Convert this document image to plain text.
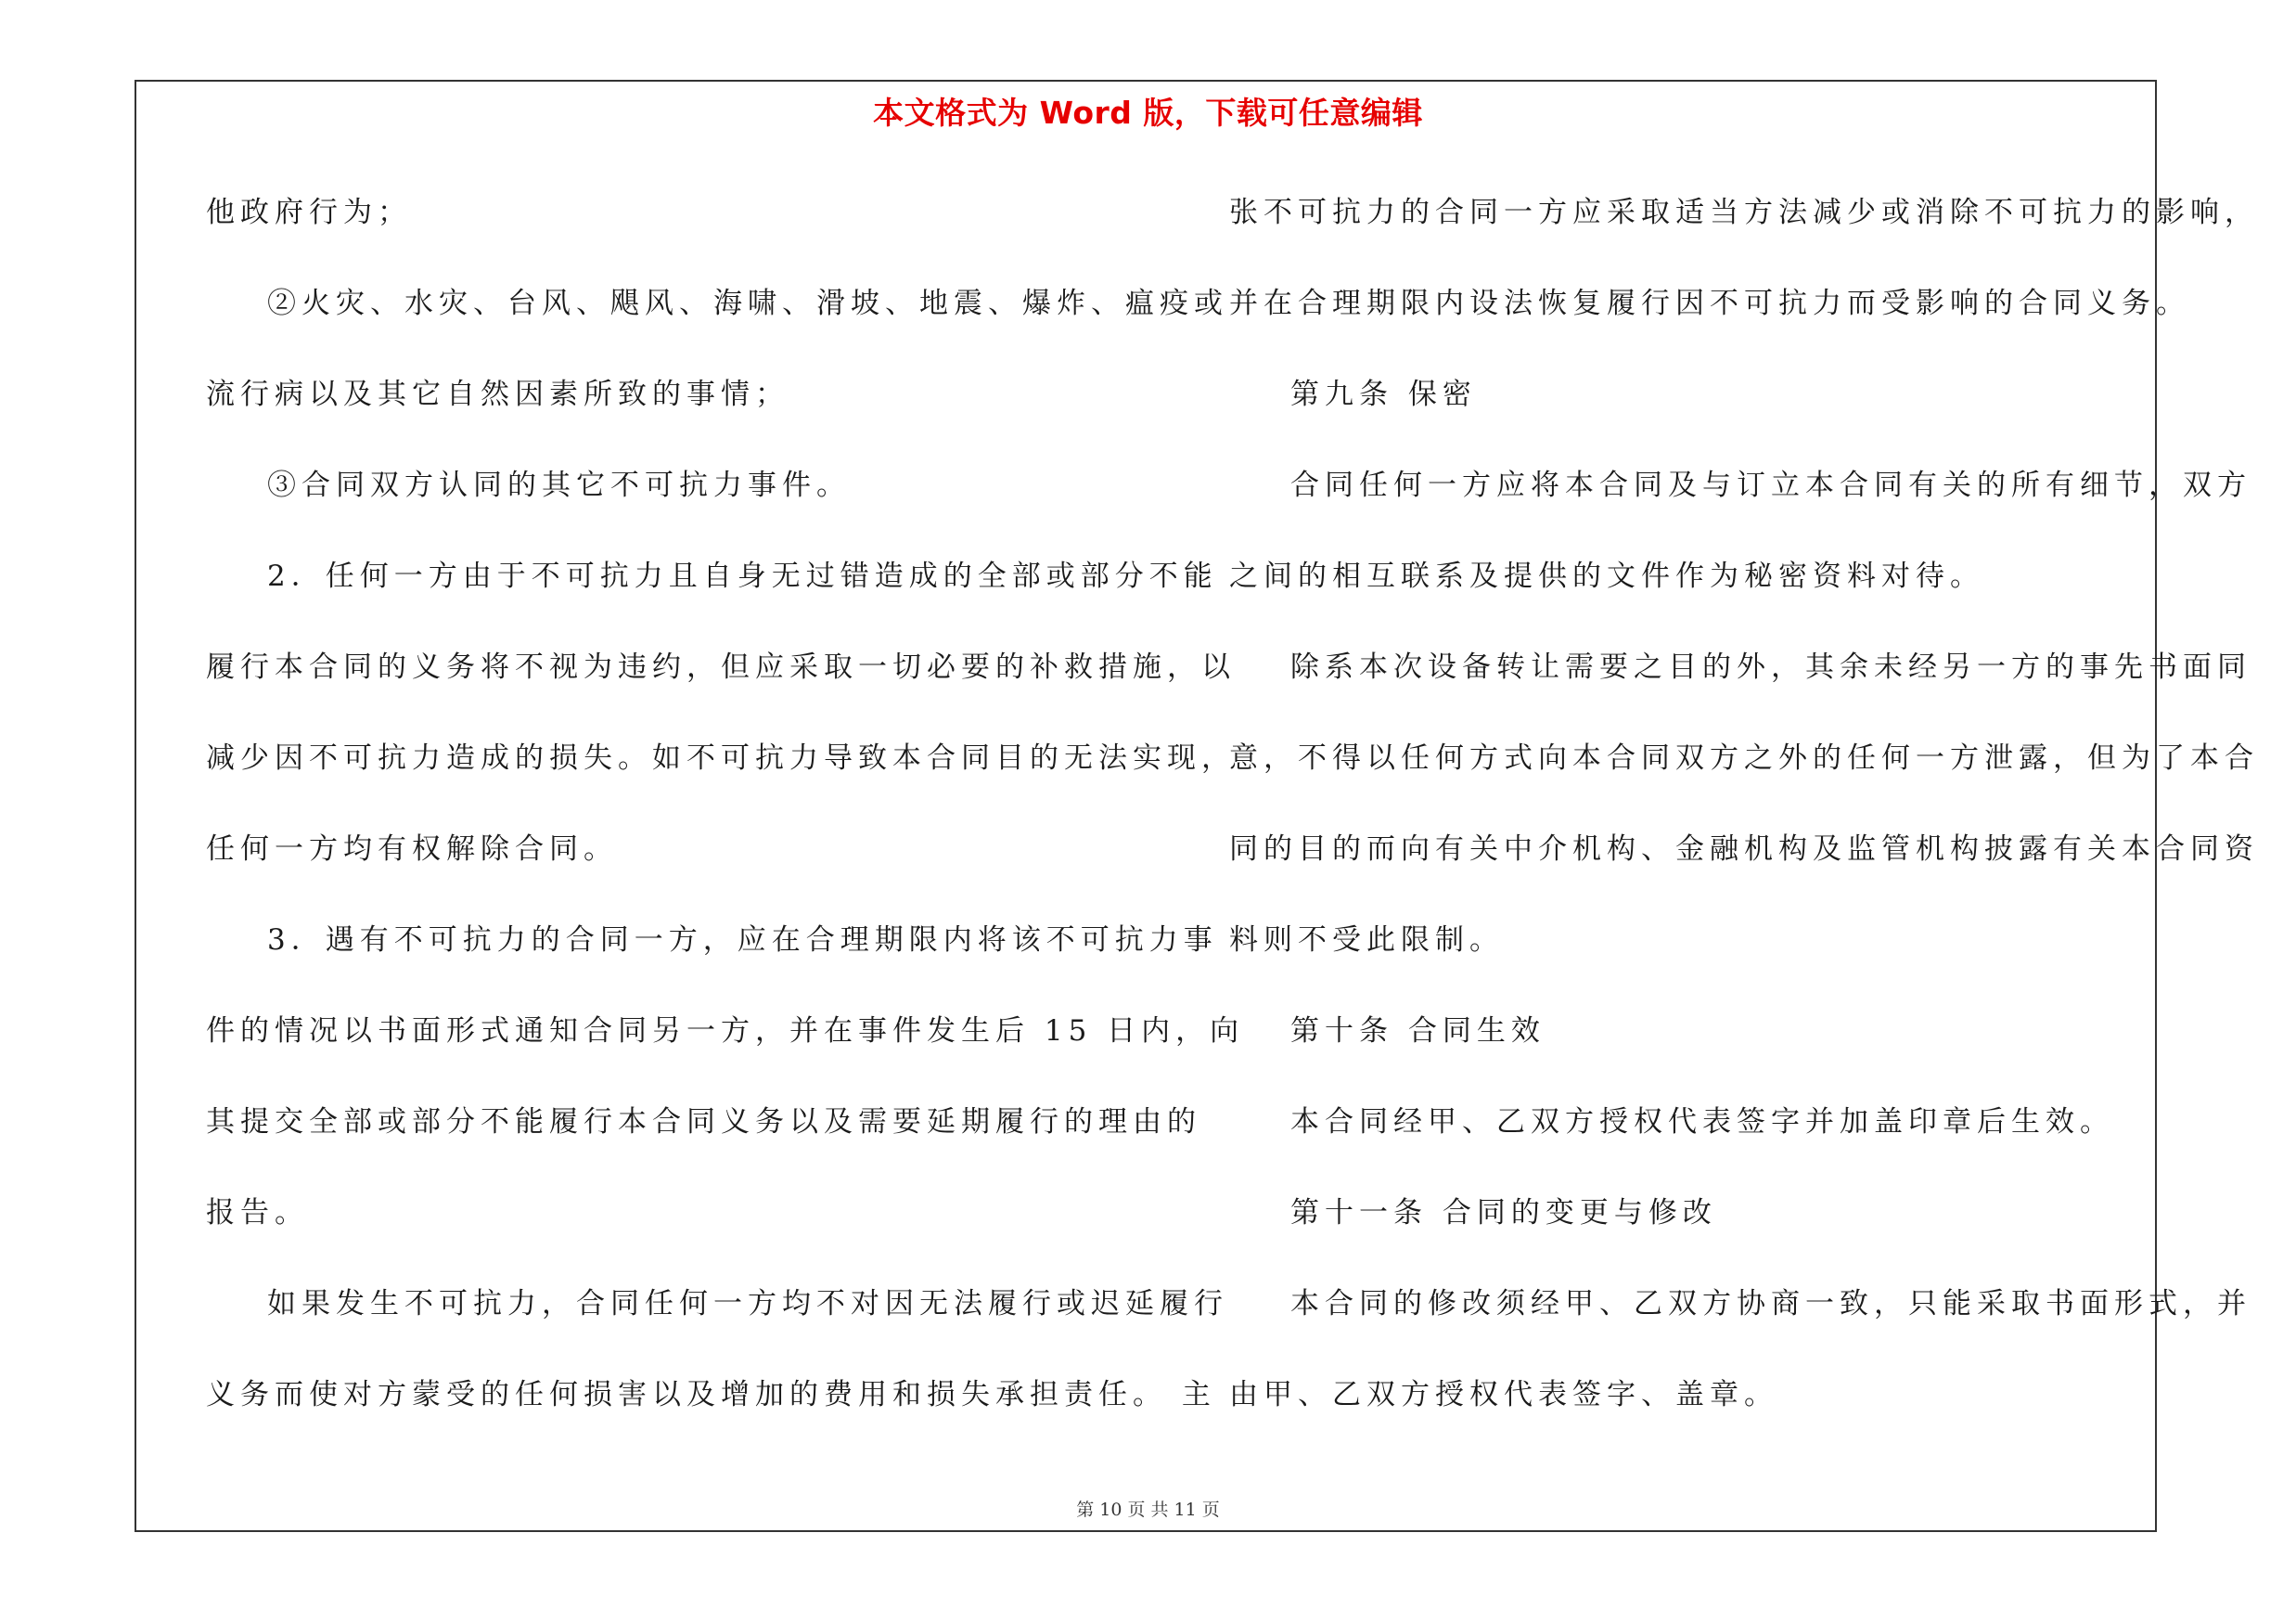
本文格式为 Word 版，下载可任意编辑
他政府行为；
②火灾、水灾、台风、飓风、海啸、滑坡、地震、爆炸、瘟疫或
流行病以及其它自然因素所致的事情；
③合同双方认同的其它不可抗力事件。
2．任何一方由于不可抗力且自身无过错造成的全部或部分不能
履行本合同的义务将不视为违约，但应采取一切必要的补救措施，以
减少因不可抗力造成的损失。如不可抗力导致本合同目的无法实现，
任何一方均有权解除合同。
3．遇有不可抗力的合同一方，应在合理期限内将该不可抗力事
件的情况以书面形式通知合同另一方，并在事件发生后 15 日内，向
其提交全部或部分不能履行本合同义务以及需要延期履行的理由的
报告。
如果发生不可抗力，合同任何一方均不对因无法履行或迟延履行
义务而使对方蒙受的任何损害以及增加的费用和损失承担责任。 主
张不可抗力的合同一方应采取适当方法减少或消除不可抗力的影响，
并在合理期限内设法恢复履行因不可抗力而受影响的合同义务。
第九条 保密
合同任何一方应将本合同及与订立本合同有关的所有细节，双方
之间的相互联系及提供的文件作为秘密资料对待。
除系本次设备转让需要之目的外，其余未经另一方的事先书面同
意，不得以任何方式向本合同双方之外的任何一方泄露，但为了本合
同的目的而向有关中介机构、金融机构及监管机构披露有关本合同资
料则不受此限制。
第十条 合同生效
本合同经甲、乙双方授权代表签字并加盖印章后生效。
第十一条 合同的变更与修改
本合同的修改须经甲、乙双方协商一致，只能采取书面形式，并
由甲、乙双方授权代表签字、盖章。
第 10 页 共 11 页
